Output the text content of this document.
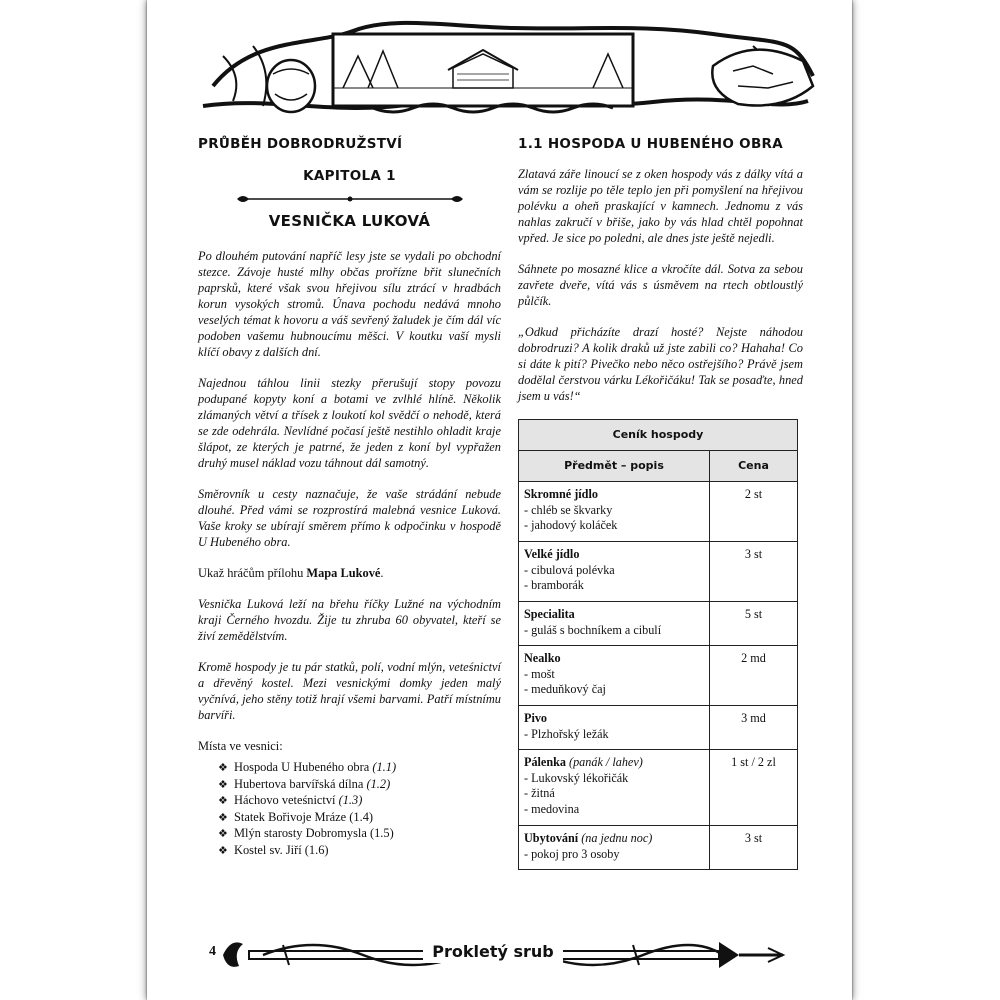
PRŮBĚH DOBRODRUŽSTVÍ
KAPITOLA 1
VESNIČKA LUKOVÁ

Po dlouhém putování napříč lesy jste se vydali po obchodní stezce. Závoje husté mlhy občas proříznе břit slunečních paprsků, které však svou hřejivou sílu ztrácí v hradbách korun vysokých stromů. Únava pochodu nedává mnoho veselých témat k hovoru a váš sevřený žaludek je čím dál víc podoben vašemu hubnoucímu měšci. V koutku vaší mysli klíčí obavy z dalších dní.

Najednou táhlou linii stezky přerušují stopy povozu podupané kopyty koní a botami ve zvlhlé hlíně. Několik zlámaných větví a třísek z loukotí kol svědčí o nehodě, která se zde odehrála. Nevlídné počasí ještě nestihlo ohladit kraje šlápot, ze kterých je patrné, že jeden z koní byl vypřažen druhý musel náklad vozu táhnout dál samotný.

Směrovník u cesty naznačuje, že vaše strádání nebude dlouhé. Před vámi se rozprostírá malebná vesnice Luková. Vaše kroky se ubírají směrem přímo k odpočinku v hospodě U Hubeného obra.

Ukaž hráčům přílohu Mapa Lukové.

Vesnička Luková leží na břehu říčky Lužné na východním kraji Černého hvozdu. Žije tu zhruba 60 obyvatel, kteří se živí zemědělstvím.

Kromě hospody je tu pár statků, polí, vodní mlýn, veteśnictví a dřevěný kostel. Mezi vesnickými domky jeden malý vyčnívá, jeho stěny totiž hrají všemi barvami. Patří místnímu barvíři.

Místa ve vesnici:

❖ Hospoda U Hubeného obra (1.1)
❖ Hubertova barvířská dílna (1.2)
❖ Háchovo veteśnictví (1.3)
❖ Statek Bořivoje Mráze (1.4)
❖ Mlýn starosty Dobromysla (1.5)
❖ Kostel sv. Jiří (1.6)
1.1 HOSPODA U HUBENÉHO OBRA

Zlatavá záře linoucí se z oken hospody vás z dálky vítá a vám se rozlije po těle teplo jen při pomyšlení na hřejivou polévku a oheň praskající v kamnech. Jednomu z vás nahlas zakručí v břiše, jako by vás hlad chtěl popohnat vpřed. Je sice po poledni, ale dnes jste ještě nejedli.

Sáhnete po mosazné klice a vkročíte dál. Sotva za sebou zavřete dveře, vítá vás s úsměvem na rtech obtloustlý půlčík.

„Odkud přicházíte drazí hosté? Nejste náhodou dobrodruzi? A kolik draků už jste zabili co? Hahaha! Co si dáte k pití? Pivečko nebo něco ostřejšího? Právě jsem dodělal čerstvou várku Lékořičáku! Tak se posaďte, hned jsem u vás!“

Ceník hospody	
Předmět – popis	Cena
Skromné jídlo
- chléb se škvarky
- jahodový koláček	2 st
Velké jídlo
- cibulová polévka
- bramborák	3 st
Specialita
- guláš s bochníkem a cibulí	5 st
Nealko
- mošt
- meduňkový čaj	2 md
Pivo
- Plzhořský ležák	3 md
Pálenka (panák / lahev)
- Lukovský lékořičák
- žitná
- medovina	1 st / 2 zl
Ubytování (na jednu noc)
- pokoj pro 3 osoby	3 st
4	Prokletý srub
